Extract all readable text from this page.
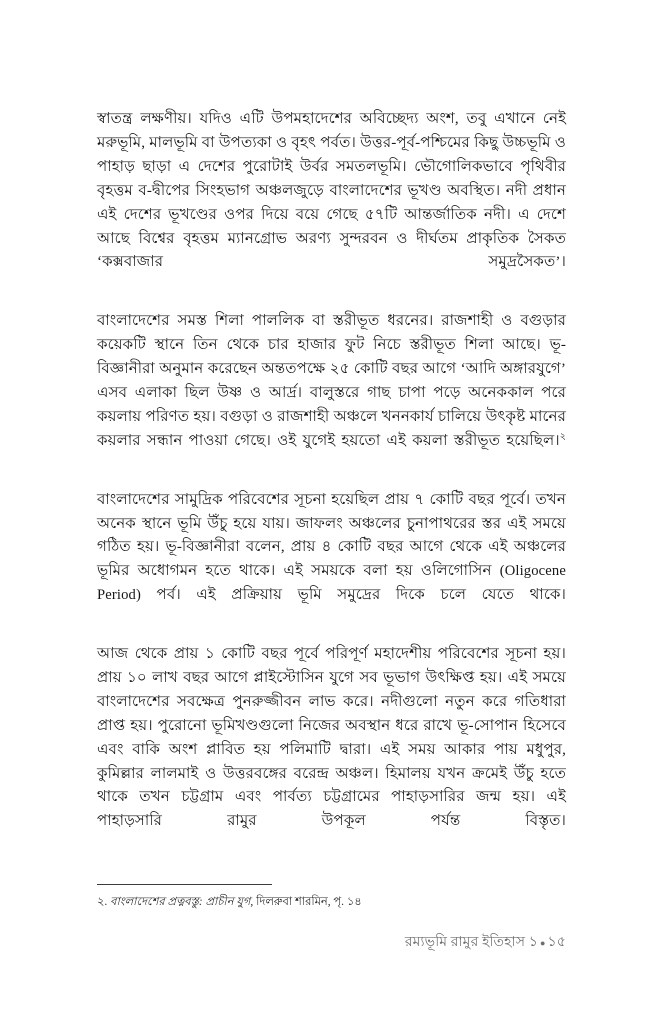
স্বাতন্ত্র লক্ষণীয়। যদিও এটি উপমহাদেশের অবিচ্ছেদ্য অংশ, তবু এখানে নেই মরুভূমি, মালভূমি বা উপত্যকা ও বৃহৎ পর্বত। উত্তর-পূর্ব-পশ্চিমের কিছু উচ্চভূমি ও পাহাড় ছাড়া এ দেশের পুরোটাই উর্বর সমতলভূমি। ভৌগোলিকভাবে পৃথিবীর বৃহত্তম ব-দ্বীপের সিংহভাগ অঞ্চলজুড়ে বাংলাদেশের ভূখণ্ড অবস্থিত। নদী প্রধান এই দেশের ভূখণ্ডের ওপর দিয়ে বয়ে গেছে ৫৭টি আন্তর্জাতিক নদী। এ দেশে আছে বিশ্বের বৃহত্তম ম্যানগ্রোভ অরণ্য সুন্দরবন ও দীর্ঘতম প্রাকৃতিক সৈকত ‘কক্সবাজার সমুদ্রসৈকত’।

বাংলাদেশের সমস্ত শিলা পাললিক বা স্তরীভূত ধরনের। রাজশাহী ও বগুড়ার কয়েকটি স্থানে তিন থেকে চার হাজার ফুট নিচে স্তরীভূত শিলা আছে। ভূ-বিজ্ঞানীরা অনুমান করেছেন অন্ততপক্ষে ২৫ কোটি বছর আগে ‘আদি অঙ্গারযুগে’ এসব এলাকা ছিল উষ্ণ ও আর্দ্র। বালুস্তরে গাছ চাপা পড়ে অনেককাল পরে কয়লায় পরিণত হয়। বগুড়া ও রাজশাহী অঞ্চলে খননকার্য চালিয়ে উৎকৃষ্ট মানের কয়লার সন্ধান পাওয়া গেছে। ওই যুগেই হয়তো এই কয়লা স্তরীভূত হয়েছিল।$^২$

বাংলাদেশের সামুদ্রিক পরিবেশের সূচনা হয়েছিল প্রায় ৭ কোটি বছর পূর্বে। তখন অনেক স্থানে ভূমি উঁচু হয়ে যায়। জাফলং অঞ্চলের চুনাপাথরের স্তর এই সময়ে গঠিত হয়। ভূ-বিজ্ঞানীরা বলেন, প্রায় ৪ কোটি বছর আগে থেকে এই অঞ্চলের ভূমির অধোগমন হতে থাকে। এই সময়কে বলা হয় ওলিগোসিন (Oligocene Period) পর্ব। এই প্রক্রিয়ায় ভূমি সমুদ্রের দিকে চলে যেতে থাকে।

আজ থেকে প্রায় ১ কোটি বছর পূর্বে পরিপূর্ণ মহাদেশীয় পরিবেশের সূচনা হয়। প্রায় ১০ লাখ বছর আগে প্লাইস্টোসিন যুগে সব ভূভাগ উৎক্ষিপ্ত হয়। এই সময়ে বাংলাদেশের সবক্ষেত্র পুনরুজ্জীবন লাভ করে। নদীগুলো নতুন করে গতিধারা প্রাপ্ত হয়। পুরোনো ভূমিখণ্ডগুলো নিজের অবস্থান ধরে রাখে ভূ-সোপান হিসেবে এবং বাকি অংশ প্লাবিত হয় পলিমাটি দ্বারা। এই সময় আকার পায় মধুপুর, কুমিল্লার লালমাই ও উত্তরবঙ্গের বরেন্দ্র অঞ্চল। হিমালয় যখন ক্রমেই উঁচু হতে থাকে তখন চট্টগ্রাম এবং পার্বত্য চট্টগ্রামের পাহাড়সারির জন্ম হয়। এই পাহাড়সারি রামুর উপকূল পর্যন্ত বিস্তৃত।

২. বাংলাদেশের প্রত্নবস্তু: প্রাচীন যুগ, দিলরুবা শারমিন, পৃ. ১৪

রম্যভূমি রামুর ইতিহাস ১ ● ১৫
